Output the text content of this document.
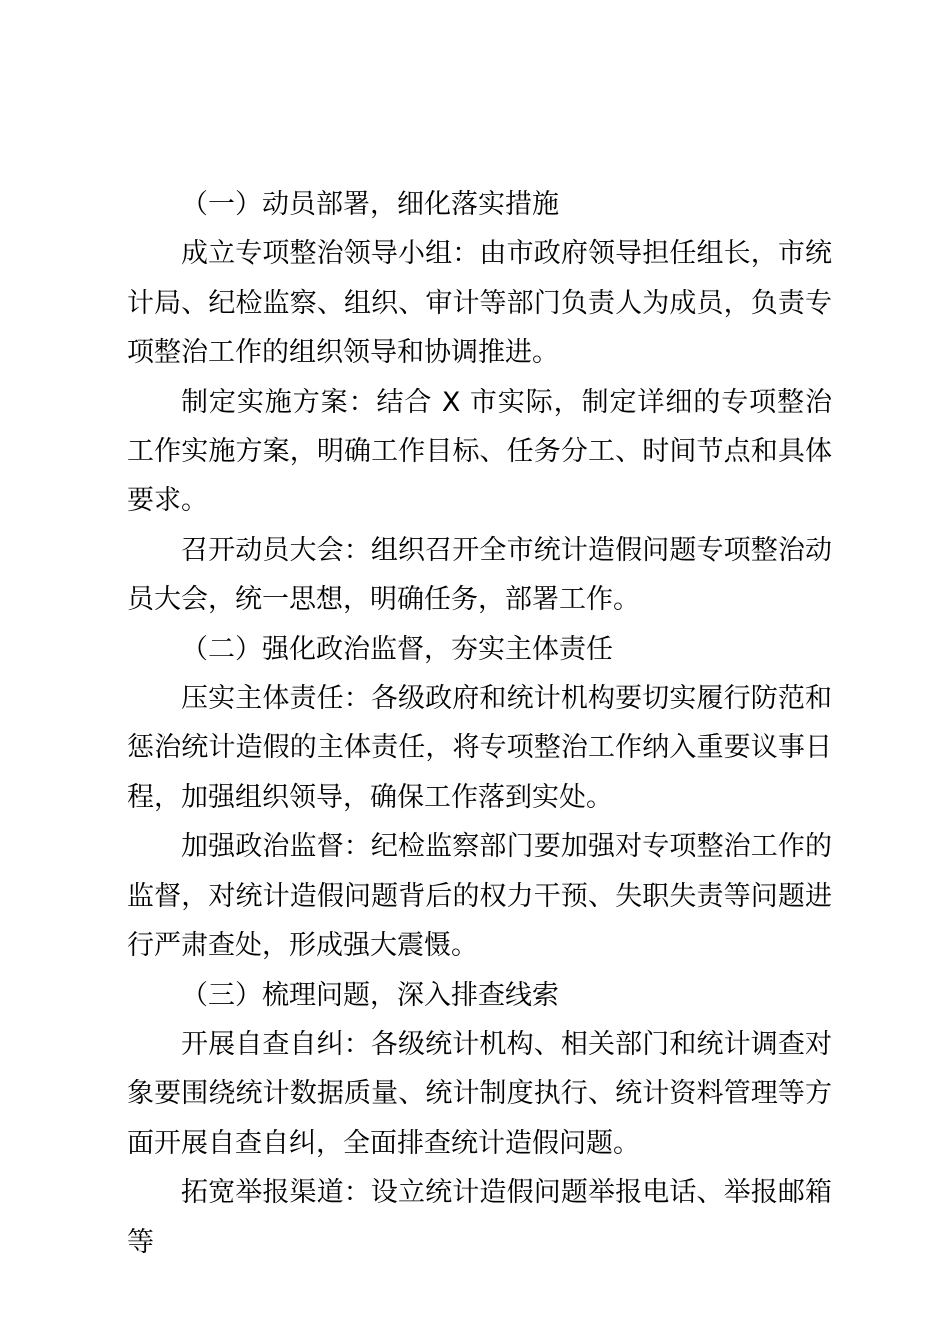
（一）动员部署，细化落实措施

成立专项整治领导小组：由市政府领导担任组长，市统计局、纪检监察、组织、审计等部门负责人为成员，负责专项整治工作的组织领导和协调推进。

制定实施方案：结合 X 市实际，制定详细的专项整治工作实施方案，明确工作目标、任务分工、时间节点和具体要求。

召开动员大会：组织召开全市统计造假问题专项整治动员大会，统一思想，明确任务，部署工作。

（二）强化政治监督，夯实主体责任

压实主体责任：各级政府和统计机构要切实履行防范和惩治统计造假的主体责任，将专项整治工作纳入重要议事日程，加强组织领导，确保工作落到实处。

加强政治监督：纪检监察部门要加强对专项整治工作的监督，对统计造假问题背后的权力干预、失职失责等问题进行严肃查处，形成强大震慑。

（三）梳理问题，深入排查线索

开展自查自纠：各级统计机构、相关部门和统计调查对象要围绕统计数据质量、统计制度执行、统计资料管理等方面开展自查自纠，全面排查统计造假问题。

拓宽举报渠道：设立统计造假问题举报电话、举报邮箱等
